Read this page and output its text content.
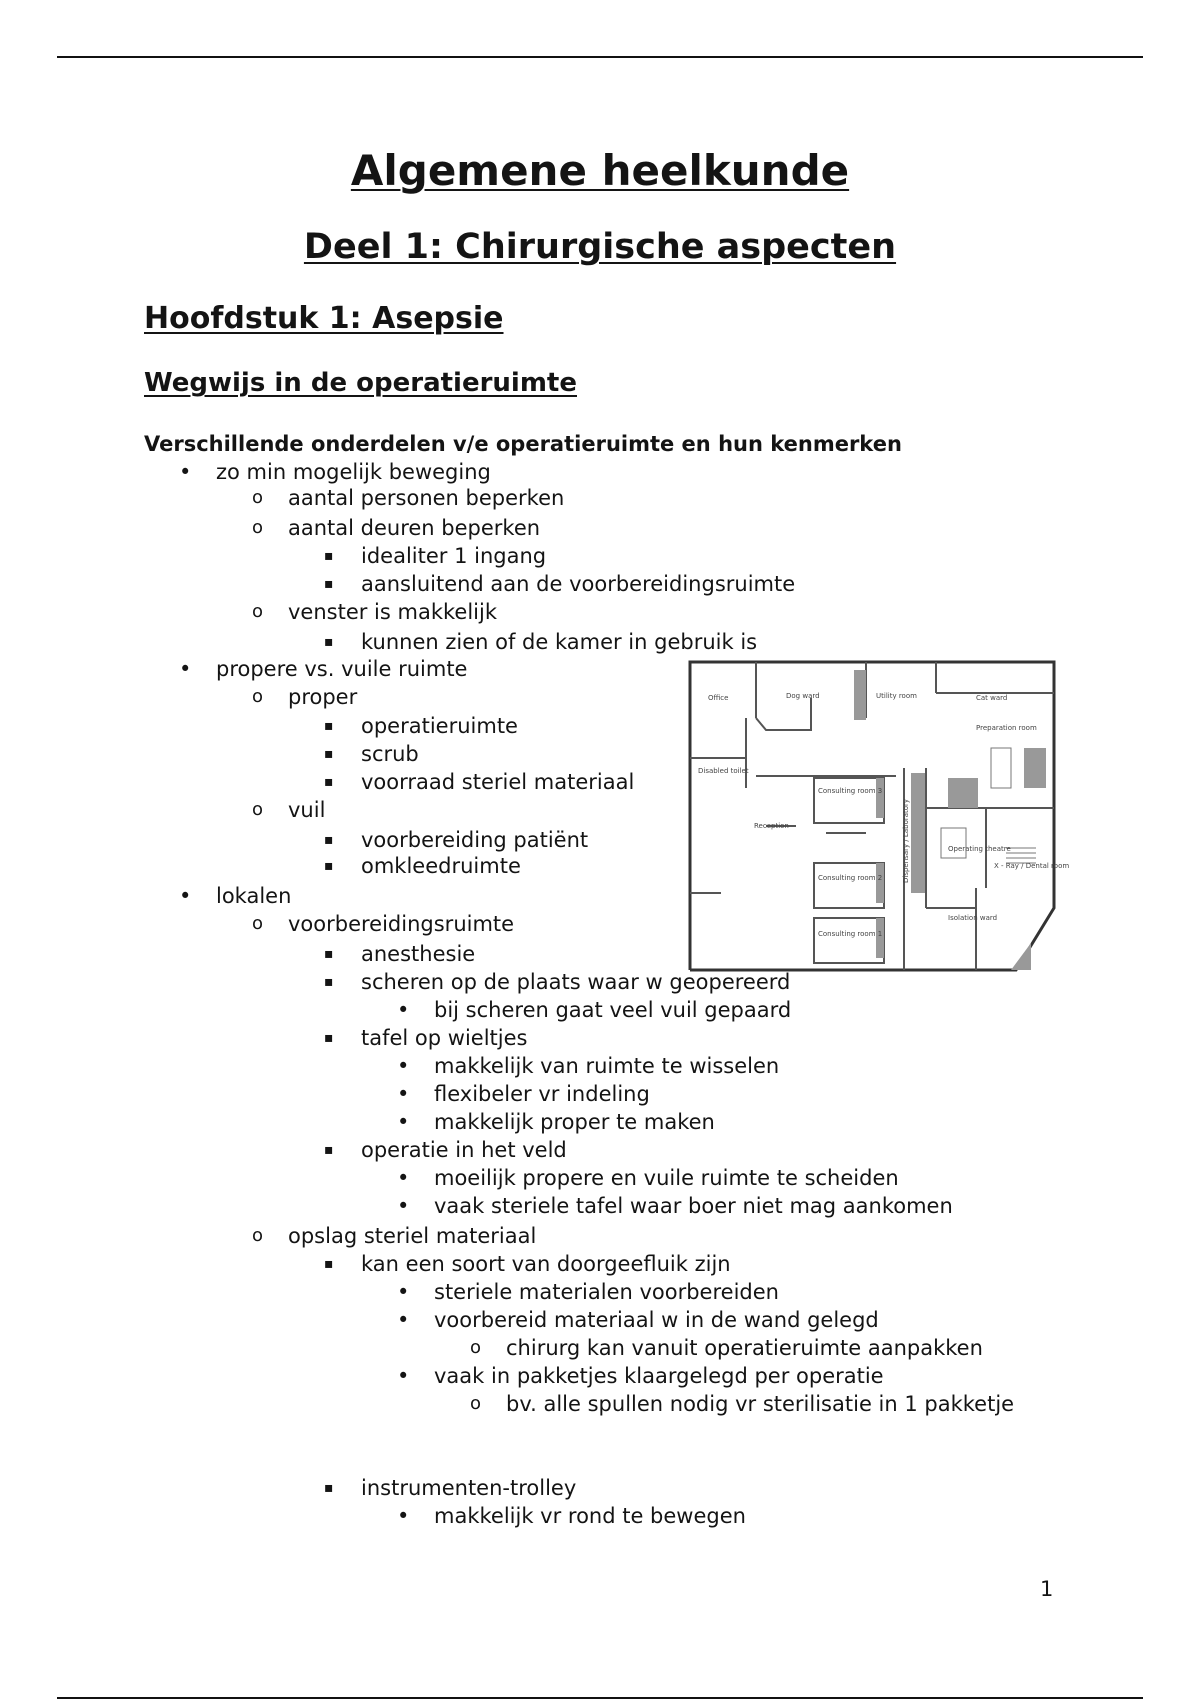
Algemene heelkunde
Deel 1: Chirurgische aspecten
Hoofdstuk 1: Asepsie
Wegwijs in de operatieruimte
Verschillende onderdelen v/e operatieruimte en hun kenmerken
• zo min mogelijk beweging
o aantal personen beperken
o aantal deuren beperken
▪ idealiter 1 ingang
▪ aansluitend aan de voorbereidingsruimte
o venster is makkelijk
▪ kunnen zien of de kamer in gebruik is
• propere vs. vuile ruimte
o proper
▪ operatieruimte
▪ scrub
▪ voorraad steriel materiaal
o vuil
▪ voorbereiding patiënt
▪ omkleedruimte
• lokalen
o voorbereidingsruimte
▪ anesthesie
▪ scheren op de plaats waar w geopereerd
• bij scheren gaat veel vuil gepaard
▪ tafel op wieltjes
• makkelijk van ruimte te wisselen
• flexibeler vr indeling
• makkelijk proper te maken
▪ operatie in het veld
• moeilijk propere en vuile ruimte te scheiden
• vaak steriele tafel waar boer niet mag aankomen
o opslag steriel materiaal
▪ kan een soort van doorgeefluik zijn
• steriele materialen voorbereiden
• voorbereid materiaal w in de wand gelegd
o chirurg kan vanuit operatieruimte aanpakken
• vaak in pakketjes klaargelegd per operatie
o bv. alle spullen nodig vr sterilisatie in 1 pakketje
▪ instrumenten-trolley
• makkelijk vr rond te bewegen
Office	Dog ward	Utility room	Cat ward
Preparation room
Disabled toilet
Consulting room 3
Reception	Dispensary / Laboratory	Operating theatre
X - Ray / Dental room
Consulting room 2
Consulting room 1
Isolation ward
1
